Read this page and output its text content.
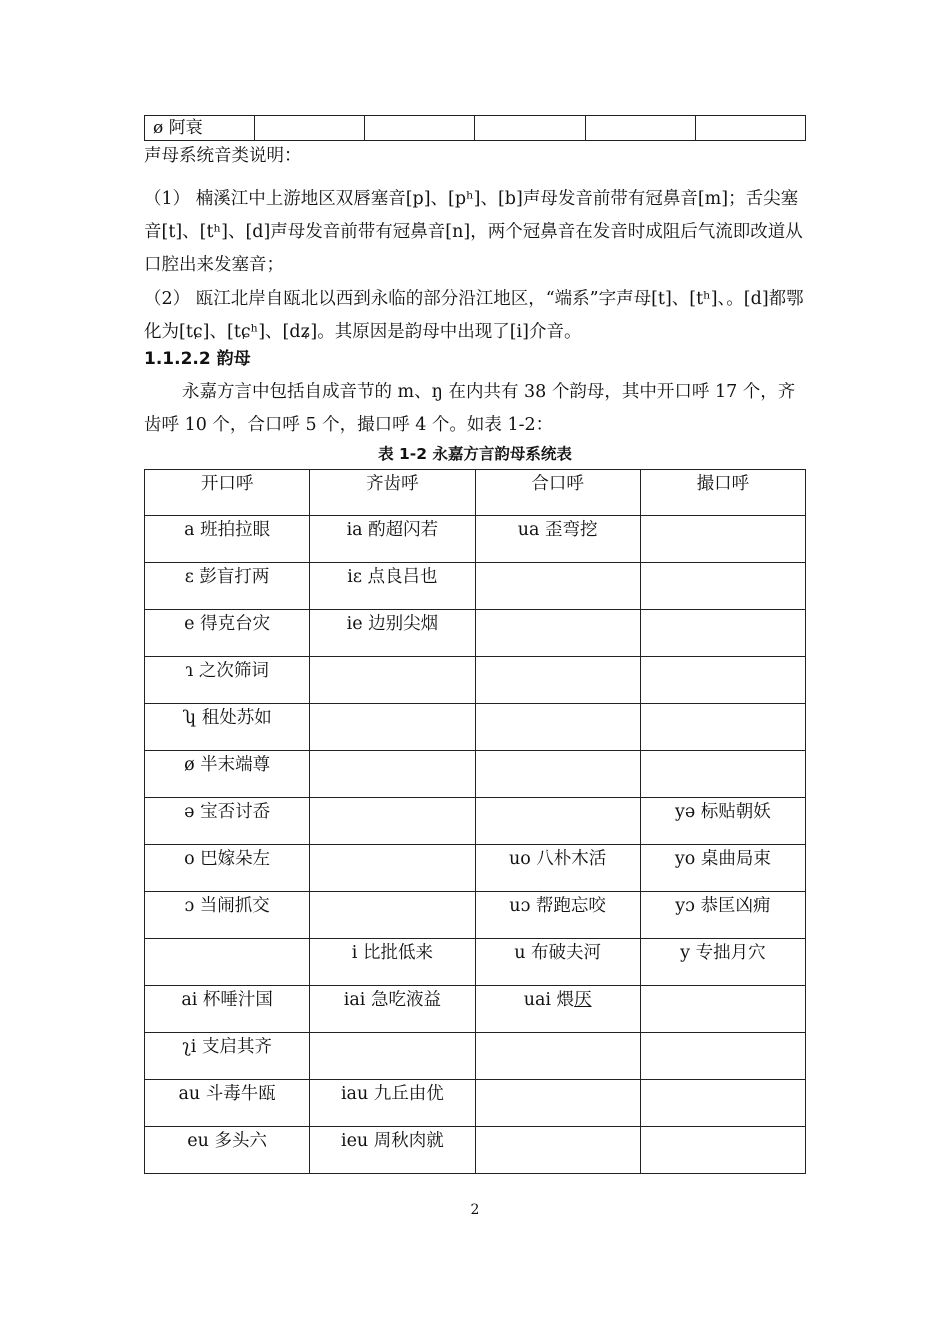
ø 阿衰					
声母系统音类说明：
（1） 楠溪江中上游地区双唇塞音[p]、[pʰ]、[b]声母发音前带有冠鼻音[m]；舌尖塞音[t]、[tʰ]、[d]声母发音前带有冠鼻音[n]，两个冠鼻音在发音时成阻后气流即改道从口腔出来发塞音；
（2） 瓯江北岸自瓯北以西到永临的部分沿江地区，“端系”字声母[t]、[tʰ]、。[d]都鄂化为[tɕ]、[tɕʰ]、[dʑ]。其原因是韵母中出现了[i]介音。
1.1.2.2 韵母
永嘉方言中包括自成音节的 m、ŋ 在内共有 38 个韵母，其中开口呼 17 个，齐齿呼 10 个，合口呼 5 个，撮口呼 4 个。如表 1-2：
表 1-2 永嘉方言韵母系统表
开口呼	齐齿呼	合口呼	撮口呼
a 班拍拉眼	ia 酌超闪若	ua 歪弯挖	
ɛ 彭盲打两	iɛ 点良吕也		
e 得克台灾	ie 边别尖烟		
ɿ 之次筛词			
ʮ 租处苏如			
ø 半末端尊			
ə 宝否讨岙			yə 标贴朝妖
o 巴嫁朵左		uo 八朴木活	yo 桌曲局束
ɔ 当闹抓交		uɔ 帮跑忘咬	yɔ 恭匡凶痈
	i 比批低来	u 布破夫河	y 专拙月穴
ai 杯唾汁国	iai 急吃液益	uai 煨厌	
ʅi 支启其齐			
au 斗毒牛瓯	iau 九丘由优		
eu 多头六	ieu 周秋肉就		
2
